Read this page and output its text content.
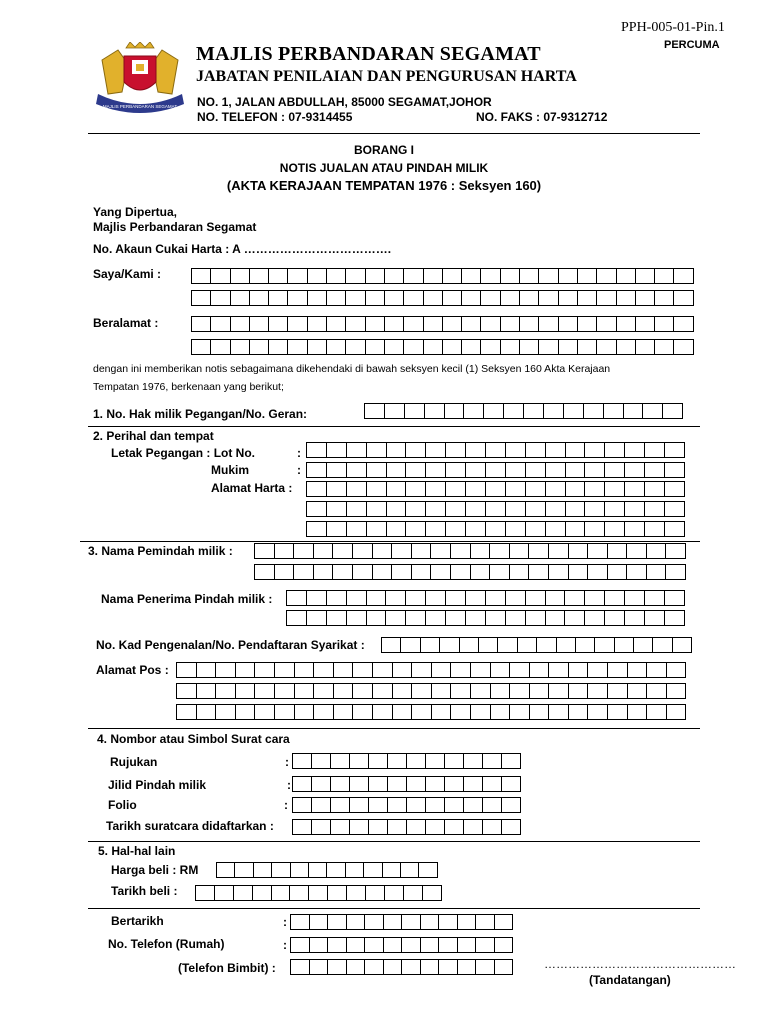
PPH-005-01-Pin.1
PERCUMA
MAJLIS PERBANDARAN SEGAMAT
MAJLIS PERBANDARAN SEGAMAT
JABATAN PENILAIAN DAN PENGURUSAN HARTA
NO. 1, JALAN ABDULLAH, 85000 SEGAMAT,JOHOR
NO. TELEFON : 07-9314455	NO. FAKS : 07-9312712
BORANG I
NOTIS JUALAN ATAU PINDAH MILIK
(AKTA KERAJAAN TEMPATAN 1976 : Seksyen 160)
Yang Dipertua,
Majlis Perbandaran Segamat
No. Akaun Cukai Harta : A ……………………………….
Saya/Kami :
Beralamat :
dengan ini memberikan notis sebagaimana dikehendaki di bawah seksyen kecil (1) Seksyen 160 Akta Kerajaan
Tempatan 1976, berkenaan yang berikut;
1. No. Hak milik Pegangan/No. Geran:
2. Perihal dan tempat
Letak Pegangan : Lot No.	:
Mukim	:
Alamat Harta :
3. Nama Pemindah milik :
Nama Penerima Pindah milik :
No. Kad Pengenalan/No. Pendaftaran Syarikat :
Alamat Pos :
4. Nombor atau Simbol Surat cara
Rujukan	:
Jilid Pindah milik	:
Folio	:
Tarikh suratcara didaftarkan :
5. Hal-hal lain
Harga beli : RM
Tarikh beli :
Bertarikh	:
No. Telefon (Rumah)	:
(Telefon Bimbit) :	…………………………………………
(Tandatangan)
